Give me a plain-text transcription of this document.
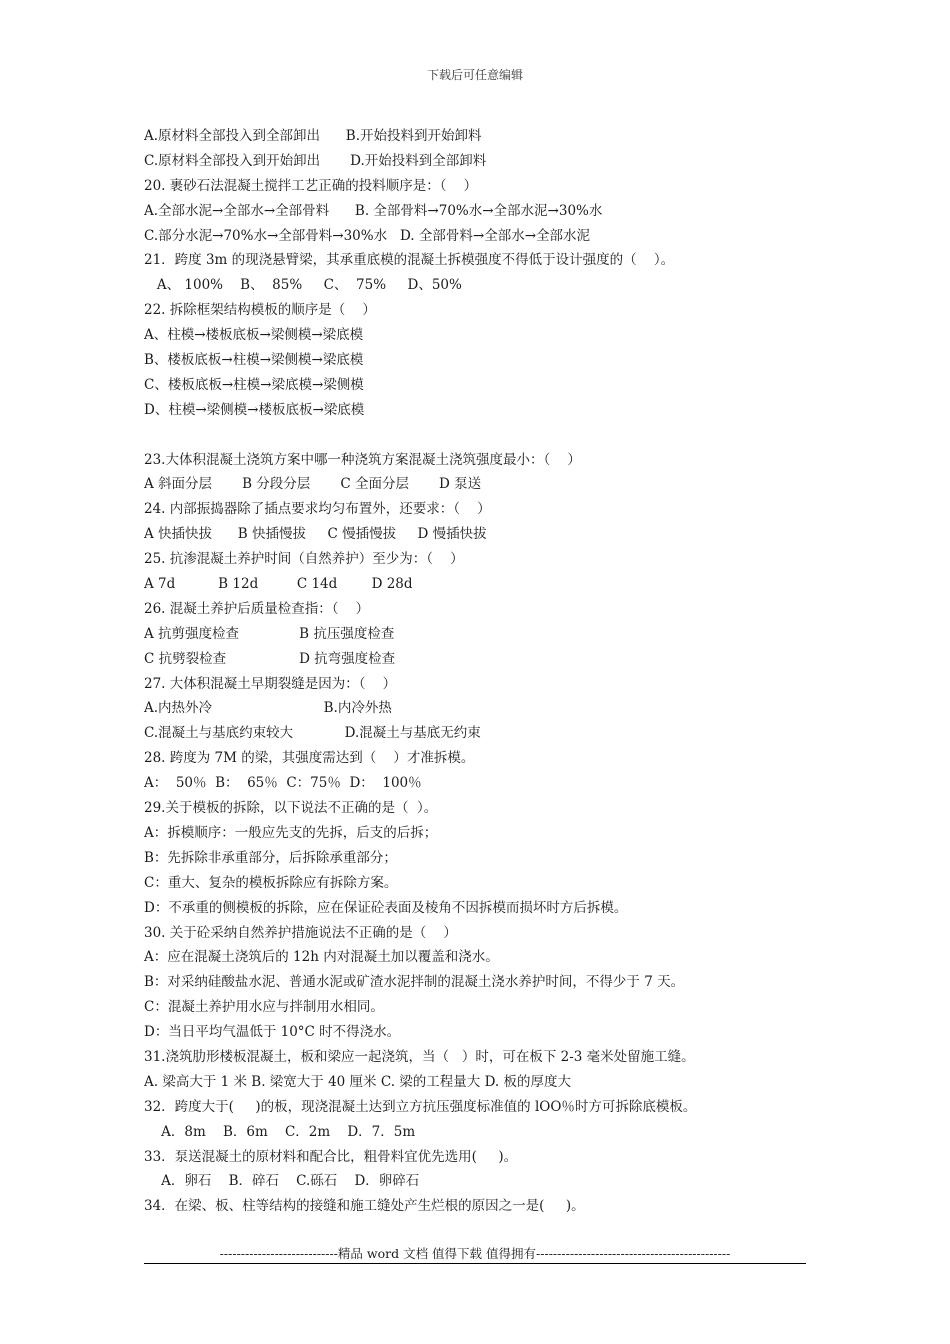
下载后可任意编辑
A.原材料全部投入到全部卸出      B.开始投料到开始卸料
C.原材料全部投入到开始卸出       D.开始投料到全部卸料
20. 裹砂石法混凝土搅拌工艺正确的投料顺序是：（    ）
A.全部水泥→全部水→全部骨料      B. 全部骨料→70%水→全部水泥→30%水
C.部分水泥→70%水→全部骨料→30%水   D. 全部骨料→全部水→全部水泥
21．跨度 3m 的现浇悬臂梁，其承重底模的混凝土拆模强度不得低于设计强度的（    ）。
A、 100%    B、  85%     C、  75%     D、50%
22. 拆除框架结构模板的顺序是（    ）
A、柱模→楼板底板→梁侧模→梁底模
B、楼板底板→柱模→梁侧模→梁底模
C、楼板底板→柱模→梁底模→梁侧模
D、柱模→梁侧模→楼板底板→梁底模
23.大体积混凝土浇筑方案中哪一种浇筑方案混凝土浇筑强度最小：（    ）
A 斜面分层       B 分段分层       C 全面分层       D 泵送
24. 内部振捣器除了插点要求均匀布置外，还要求：（    ）
A 快插快拔      B 快插慢拔     C 慢插慢拔     D 慢插快拔
25. 抗渗混凝土养护时间（自然养护）至少为：（    ）
A 7d          B 12d         C 14d        D 28d
26. 混凝土养护后质量检查指：（    ）
A 抗剪强度检查              B 抗压强度检查
C 抗劈裂检查                 D 抗弯强度检查
27. 大体积混凝土早期裂缝是因为：（    ）
A.内热外冷                          B.内冷外热
C.混凝土与基底约束较大            D.混凝土与基底无约束
28. 跨度为 7M 的梁，其强度需达到（    ）才准拆模。
A：  50％  B：  65％  C：75％  D：  100％
29.关于模板的拆除，以下说法不正确的是（  ）。
A：拆模顺序：一般应先支的先拆，后支的后拆；
B：先拆除非承重部分，后拆除承重部分；
C：重大、复杂的模板拆除应有拆除方案。
D：不承重的侧模板的拆除，应在保证砼表面及棱角不因拆模而损坏时方后拆模。
30. 关于砼采纳自然养护措施说法不正确的是（    ）
A：应在混凝土浇筑后的 12h 内对混凝土加以覆盖和浇水。
B：对采纳硅酸盐水泥、普通水泥或矿渣水泥拌制的混凝土浇水养护时间，不得少于 7 天。
C：混凝土养护用水应与拌制用水相同。
D：当日平均气温低于 10°C 时不得浇水。
31.浇筑肋形楼板混凝土，板和梁应一起浇筑，当（   ）时，可在板下 2-3 毫米处留施工缝。
A. 梁高大于 1 米 B. 梁宽大于 40 厘米 C. 梁的工程量大 D. 板的厚度大
32．跨度大于(     )的板，现浇混凝土达到立方抗压强度标准值的 lOO％时方可拆除底模板。
A．8m    B．6m    C．2m    D．7．5m
33．泵送混凝土的原材料和配合比，粗骨料宜优先选用(     )。
A．卵石    B．碎石    C.砾石    D．卵碎石
34．在梁、板、柱等结构的接缝和施工缝处产生烂根的原因之一是(     )。
----------------------------精品 word 文档 值得下载 值得拥有----------------------------------------------
